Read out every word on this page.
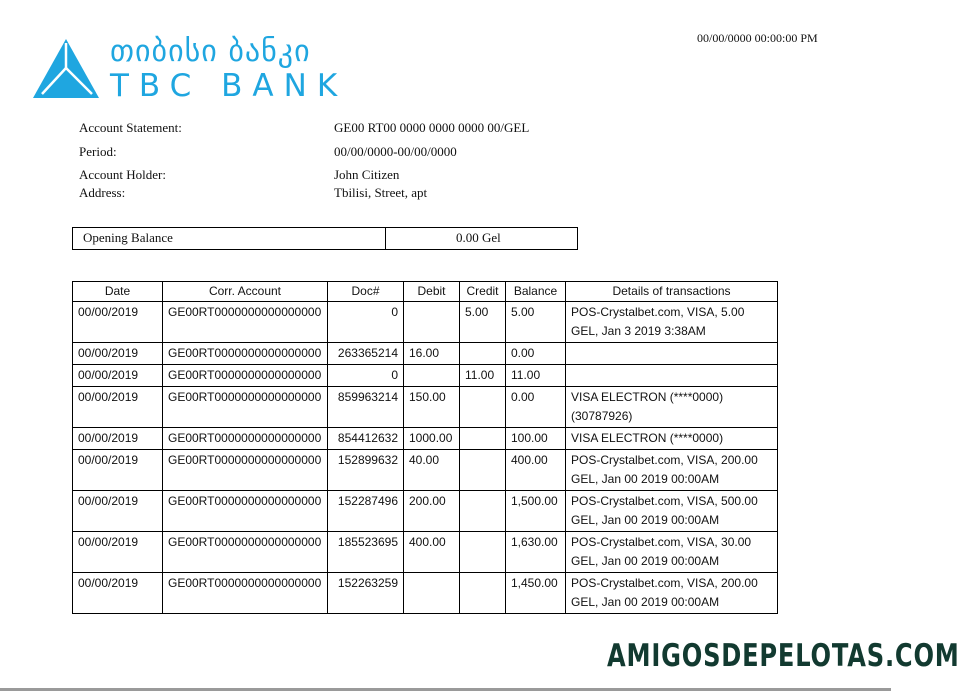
თიბისი ბანკი
TBC BANK
00/00/0000 00:00:00 PM
Account Statement:	GE00 RT00 0000 0000 0000 00/GEL
Period:	00/00/0000-00/00/0000
Account Holder:	John Citizen
Address:	Tbilisi, Street, apt
Opening Balance	0.00 Gel
Date	Corr. Account	Doc#	Debit	Credit	Balance	Details of transactions
00/00/2019	GE00RT0000000000000000	0		5.00	5.00	POS-Crystalbet.com, VISA, 5.00 GEL, Jan 3 2019 3:38AM
00/00/2019	GE00RT0000000000000000	263365214	16.00		0.00	
00/00/2019	GE00RT0000000000000000	0		11.00	11.00	
00/00/2019	GE00RT0000000000000000	859963214	150.00		0.00	VISA ELECTRON (****0000) (30787926)
00/00/2019	GE00RT0000000000000000	854412632	1000.00		100.00	VISA ELECTRON (****0000)
00/00/2019	GE00RT0000000000000000	152899632	40.00		400.00	POS-Crystalbet.com, VISA, 200.00 GEL, Jan 00 2019 00:00AM
00/00/2019	GE00RT0000000000000000	152287496	200.00		1,500.00	POS-Crystalbet.com, VISA, 500.00 GEL, Jan 00 2019 00:00AM
00/00/2019	GE00RT0000000000000000	185523695	400.00		1,630.00	POS-Crystalbet.com, VISA, 30.00 GEL, Jan 00 2019 00:00AM
00/00/2019	GE00RT0000000000000000	152263259			1,450.00	POS-Crystalbet.com, VISA, 200.00 GEL, Jan 00 2019 00:00AM
AMIGOSDEPELOTAS.COM
